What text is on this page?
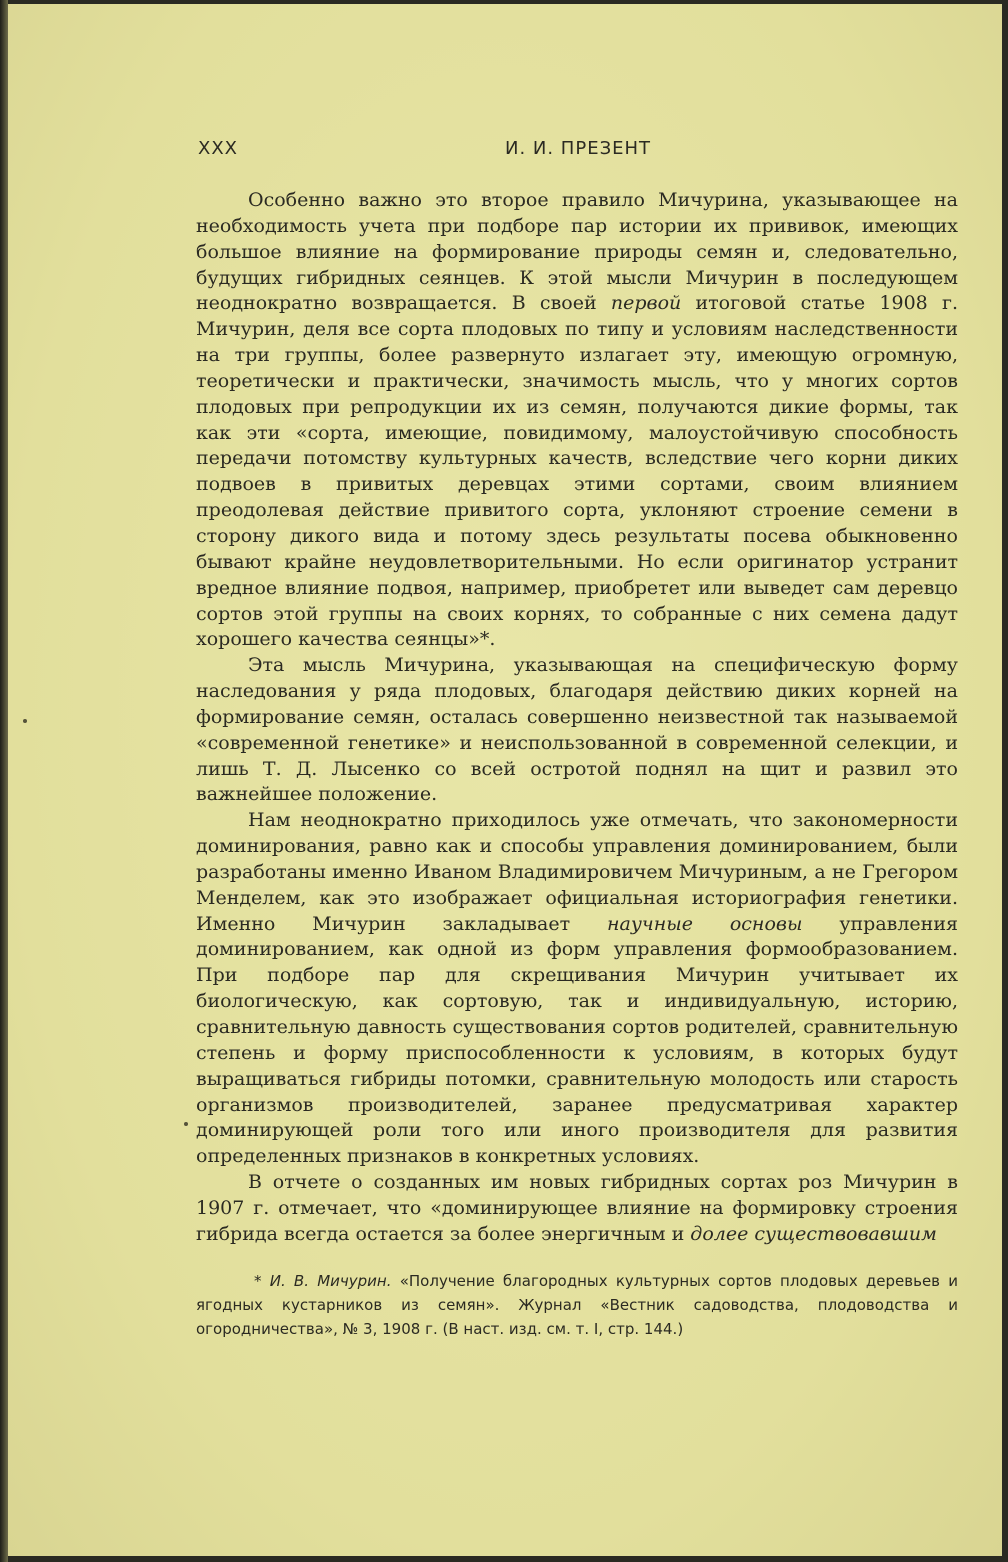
XXX	И. И. ПРЕЗЕНТ

Особенно важно это второе правило Мичурина, указывающее на необходимость учета при подборе пар истории их прививок, имеющих большое влияние на формирование природы семян и, следовательно, будущих гибридных сеянцев. К этой мысли Мичурин в последующем неоднократно возвращается. В своей первой итоговой статье 1908 г. Мичурин, деля все сорта плодовых по типу и условиям наследственности на три группы, более развернуто излагает эту, имеющую огромную, теоретически и практически, значимость мысль, что у многих сортов плодовых при репродукции их из семян, получаются дикие формы, так как эти «сорта, имеющие, повидимому, малоустойчивую способность передачи потомству культурных качеств, вследствие чего корни диких подвоев в привитых деревцах этими сортами, своим влиянием преодолевая действие привитого сорта, уклоняют строение семени в сторону дикого вида и потому здесь результаты посева обыкновенно бывают крайне неудовлетворительными. Но если оригинатор устранит вредное влияние подвоя, например, приобретет или выведет сам деревцо сортов этой группы на своих корнях, то собранные с них семена дадут хорошего качества сеянцы»*.

Эта мысль Мичурина, указывающая на специфическую форму наследования у ряда плодовых, благодаря действию диких корней на формирование семян, осталась совершенно неизвестной так называемой «современной генетике» и неиспользованной в современной селекции, и лишь Т. Д. Лысенко со всей остротой поднял на щит и развил это важнейшее положение.

Нам неоднократно приходилось уже отмечать, что закономерности доминирования, равно как и способы управления доминированием, были разработаны именно Иваном Владимировичем Мичуриным, а не Грегором Менделем, как это изображает официальная историография генетики. Именно Мичурин закладывает научные основы управления доминированием, как одной из форм управления формообразованием. При подборе пар для скрещивания Мичурин учитывает их биологическую, как сортовую, так и индивидуальную, историю, сравнительную давность существования сортов родителей, сравнительную степень и форму приспособленности к условиям, в которых будут выращиваться гибриды потомки, сравнительную молодость или старость организмов производителей, заранее предусматривая характер доминирующей роли того или иного производителя для развития определенных признаков в конкретных условиях.

В отчете о созданных им новых гибридных сортах роз Мичурин в 1907 г. отмечает, что «доминирующее влияние на формировку строения гибрида всегда остается за более энергичным и долее существовавшим

* И. В. Мичурин. «Получение благородных культурных сортов плодовых деревьев и ягодных кустарников из семян». Журнал «Вестник садоводства, плодоводства и огородничества», № 3, 1908 г. (В наст. изд. см. т. I, стр. 144.)
